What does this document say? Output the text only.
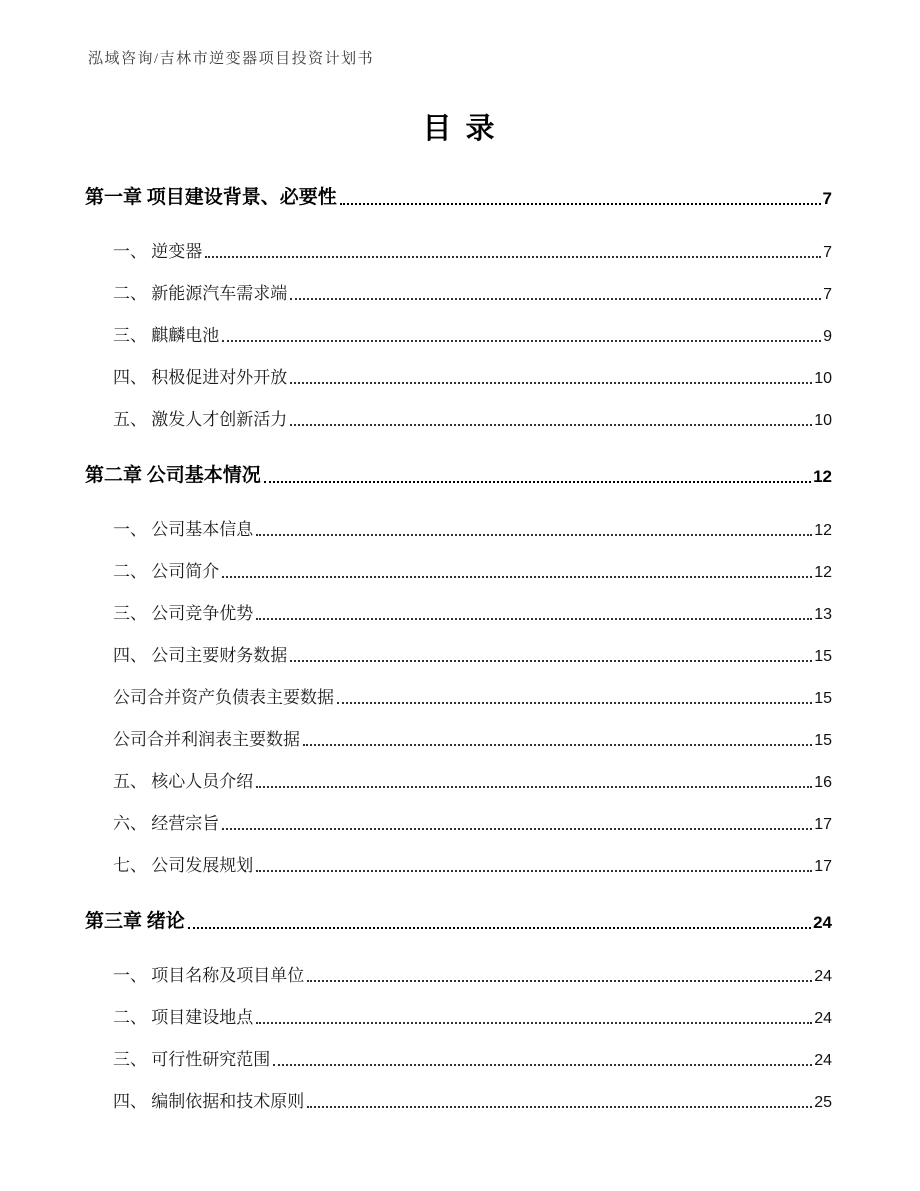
泓域咨询/吉林市逆变器项目投资计划书
目录
第一章 项目建设背景、必要性	7
一、 逆变器	7
二、 新能源汽车需求端	7
三、 麒麟电池	9
四、 积极促进对外开放	10
五、 激发人才创新活力	10
第二章 公司基本情况	12
一、 公司基本信息	12
二、 公司简介	12
三、 公司竞争优势	13
四、 公司主要财务数据	15
公司合并资产负债表主要数据	15
公司合并利润表主要数据	15
五、 核心人员介绍	16
六、 经营宗旨	17
七、 公司发展规划	17
第三章 绪论	24
一、 项目名称及项目单位	24
二、 项目建设地点	24
三、 可行性研究范围	24
四、 编制依据和技术原则	25
